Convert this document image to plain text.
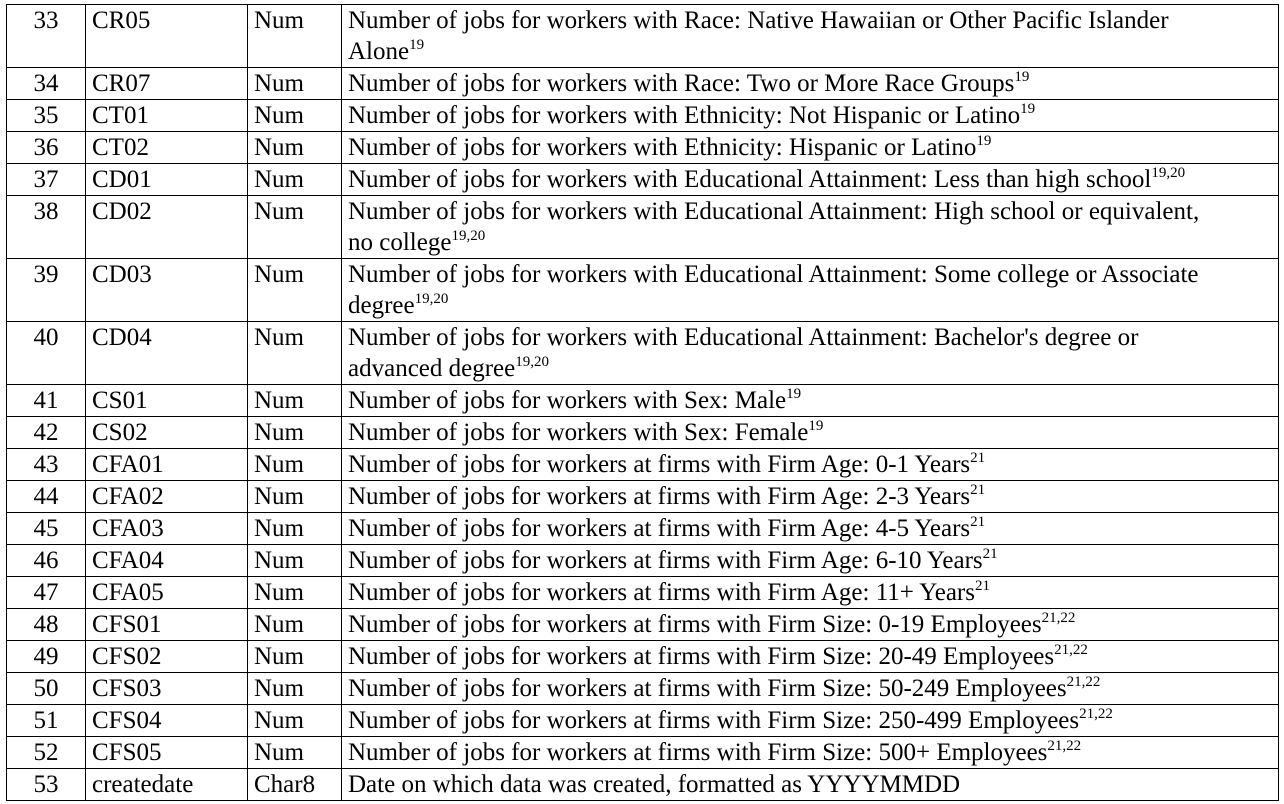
33	CR05	Num	Number of jobs for workers with Race: Native Hawaiian or Other Pacific Islander
Alone$^{19}$

34	CR07	Num	Number of jobs for workers with Race: Two or More Race Groups$^{19}$
35	CT01	Num	Number of jobs for workers with Ethnicity: Not Hispanic or Latino$^{19}$
36	CT02	Num	Number of jobs for workers with Ethnicity: Hispanic or Latino$^{19}$
37	CD01	Num	Number of jobs for workers with Educational Attainment: Less than high school$^{19,20}$
38	CD02	Num	Number of jobs for workers with Educational Attainment: High school or equivalent,
no college$^{19,20}$

39	CD03	Num	Number of jobs for workers with Educational Attainment: Some college or Associate
degree$^{19,20}$

40	CD04	Num	Number of jobs for workers with Educational Attainment: Bachelor's degree or
advanced degree$^{19,20}$

41	CS01	Num	Number of jobs for workers with Sex: Male$^{19}$
42	CS02	Num	Number of jobs for workers with Sex: Female$^{19}$
43	CFA01	Num	Number of jobs for workers at firms with Firm Age: 0-1 Years$^{21}$
44	CFA02	Num	Number of jobs for workers at firms with Firm Age: 2-3 Years$^{21}$
45	CFA03	Num	Number of jobs for workers at firms with Firm Age: 4-5 Years$^{21}$
46	CFA04	Num	Number of jobs for workers at firms with Firm Age: 6-10 Years$^{21}$
47	CFA05	Num	Number of jobs for workers at firms with Firm Age: 11+ Years$^{21}$
48	CFS01	Num	Number of jobs for workers at firms with Firm Size: 0-19 Employees$^{21,22}$
49	CFS02	Num	Number of jobs for workers at firms with Firm Size: 20-49 Employees$^{21,22}$
50	CFS03	Num	Number of jobs for workers at firms with Firm Size: 50-249 Employees$^{21,22}$
51	CFS04	Num	Number of jobs for workers at firms with Firm Size: 250-499 Employees$^{21,22}$
52	CFS05	Num	Number of jobs for workers at firms with Firm Size: 500+ Employees$^{21,22}$
53	createdate	Char8	Date on which data was created, formatted as YYYYMMDD
